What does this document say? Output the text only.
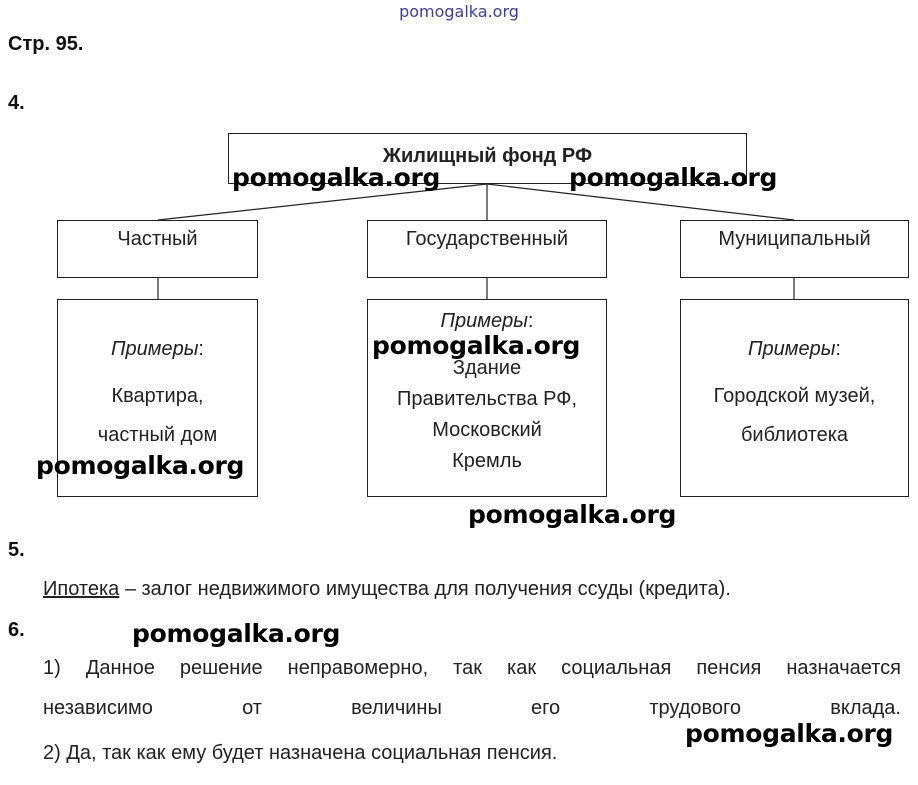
pomogalka.org
Стр. 95.
4.
Жилищный фонд РФ
Частный	Государственный	Муниципальный
Примеры:
Квартира,
частный дом
Примеры:
Здание
Правительства РФ,
Московский
Кремль
Примеры:
Городской музей,
библиотека
5.
Ипотека – залог недвижимого имущества для получения ссуды (кредита).
6.
1) Данное решение неправомерно, так как социальная пенсия назначается
независимо от величины его трудового вклада.
2) Да, так как ему будет назначена социальная пенсия.
pomogalka.org	pomogalka.org
pomogalka.org
pomogalka.org
pomogalka.org
pomogalka.org
pomogalka.org
